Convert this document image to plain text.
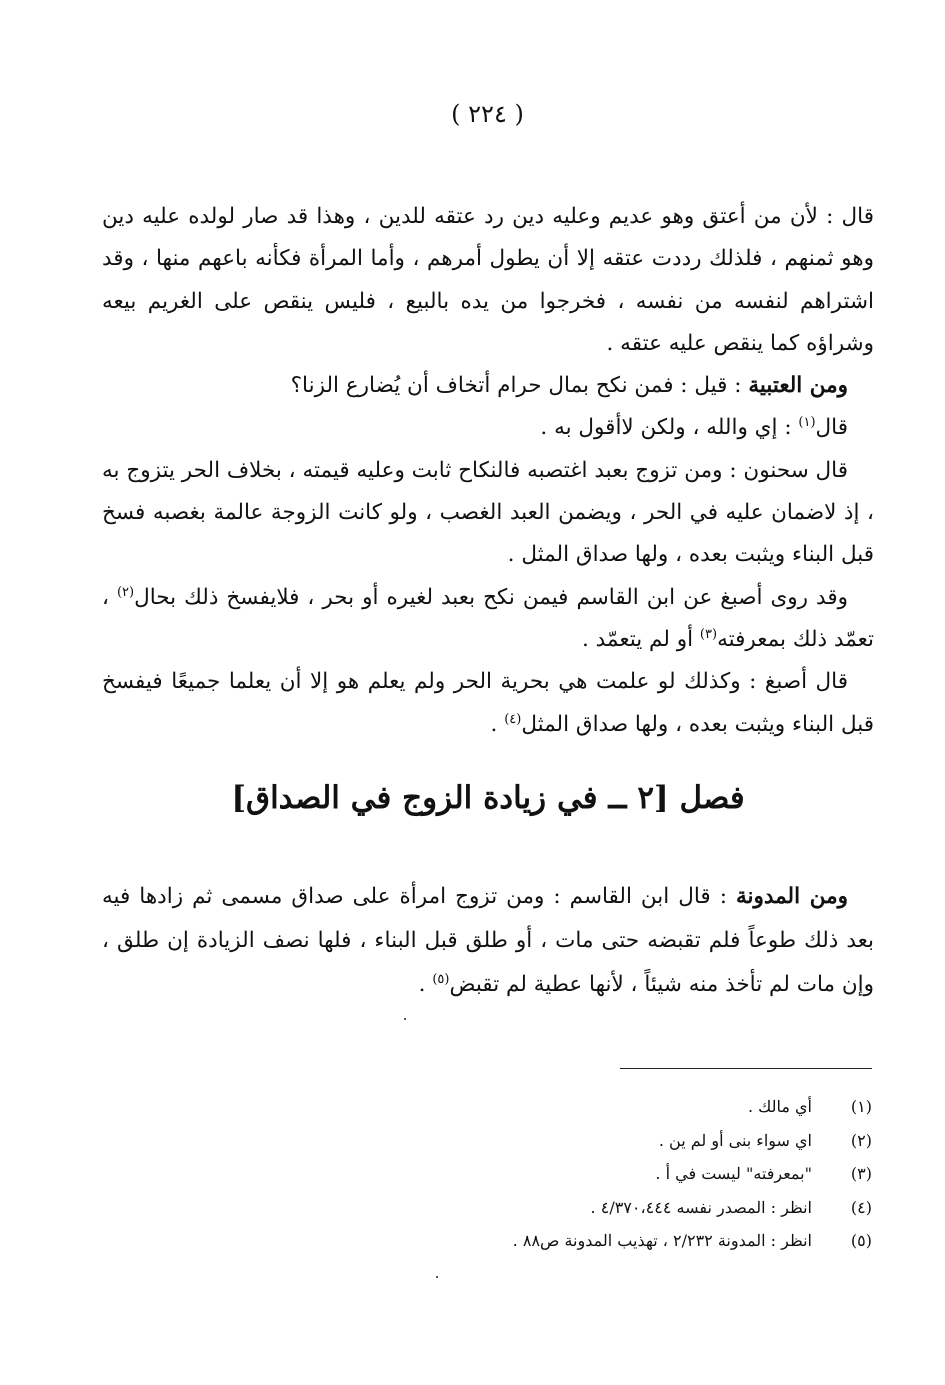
( ٢٢٤ )

قال : لأن من أعتق وهو عديم وعليه دين رد عتقه للدين ، وهذا قد صار لولده عليه دين وهو ثمنهم ، فلذلك رددت عتقه إلا أن يطول أمرهم ، وأما المرأة فكأنه باعهم منها ، وقد اشتراهم لنفسه من نفسه ، فخرجوا من يده بالبيع ، فليس ينقص على الغريم بيعه وشراؤه كما ينقص عليه عتقه .

ومن العتبية : قيل : فمن نكح بمال حرام أتخاف أن يُضارع الزنا؟

قال$^{(١)}$ : إي والله ، ولكن لاأقول به .

قال سحنون : ومن تزوج بعبد اغتصبه فالنكاح ثابت وعليه قيمته ، بخلاف الحر يتزوج به ، إذ لاضمان عليه في الحر ، ويضمن العبد الغصب ، ولو كانت الزوجة عالمة بغصبه فسخ قبل البناء ويثبت بعده ، ولها صداق المثل .

وقد روى أصبغ عن ابن القاسم فيمن نكح بعبد لغيره أو بحر ، فلايفسخ ذلك بحال$^{(٢)}$ ، تعمّد ذلك بمعرفته$^{(٣)}$ أو لم يتعمّد .

قال أصبغ : وكذلك لو علمت هي بحرية الحر ولم يعلم هو إلا أن يعلما جميعًا فيفسخ قبل البناء ويثبت بعده ، ولها صداق المثل$^{(٤)}$ .

فصل [٢ ــ في زيادة الزوج في الصداق]

ومن المدونة : قال ابن القاسم : ومن تزوج امرأة على صداق مسمى ثم زادها فيه بعد ذلك طوعاً فلم تقبضه حتى مات ، أو طلق قبل البناء ، فلها نصف الزيادة إن طلق ، وإن مات لم تأخذ منه شيئاً ، لأنها عطية لم تقبض$^{(٥)}$ .

(١)
أي مالك .
(٢)
اي سواء بنى أو لم ين .
(٣)
"بمعرفته" ليست في أ .
(٤)
انظر : المصدر نفسه ٤/٣٧٠،٤٤٤ .
(٥)
انظر : المدونة ٢/٢٣٢ ، تهذيب المدونة ص٨٨ .
